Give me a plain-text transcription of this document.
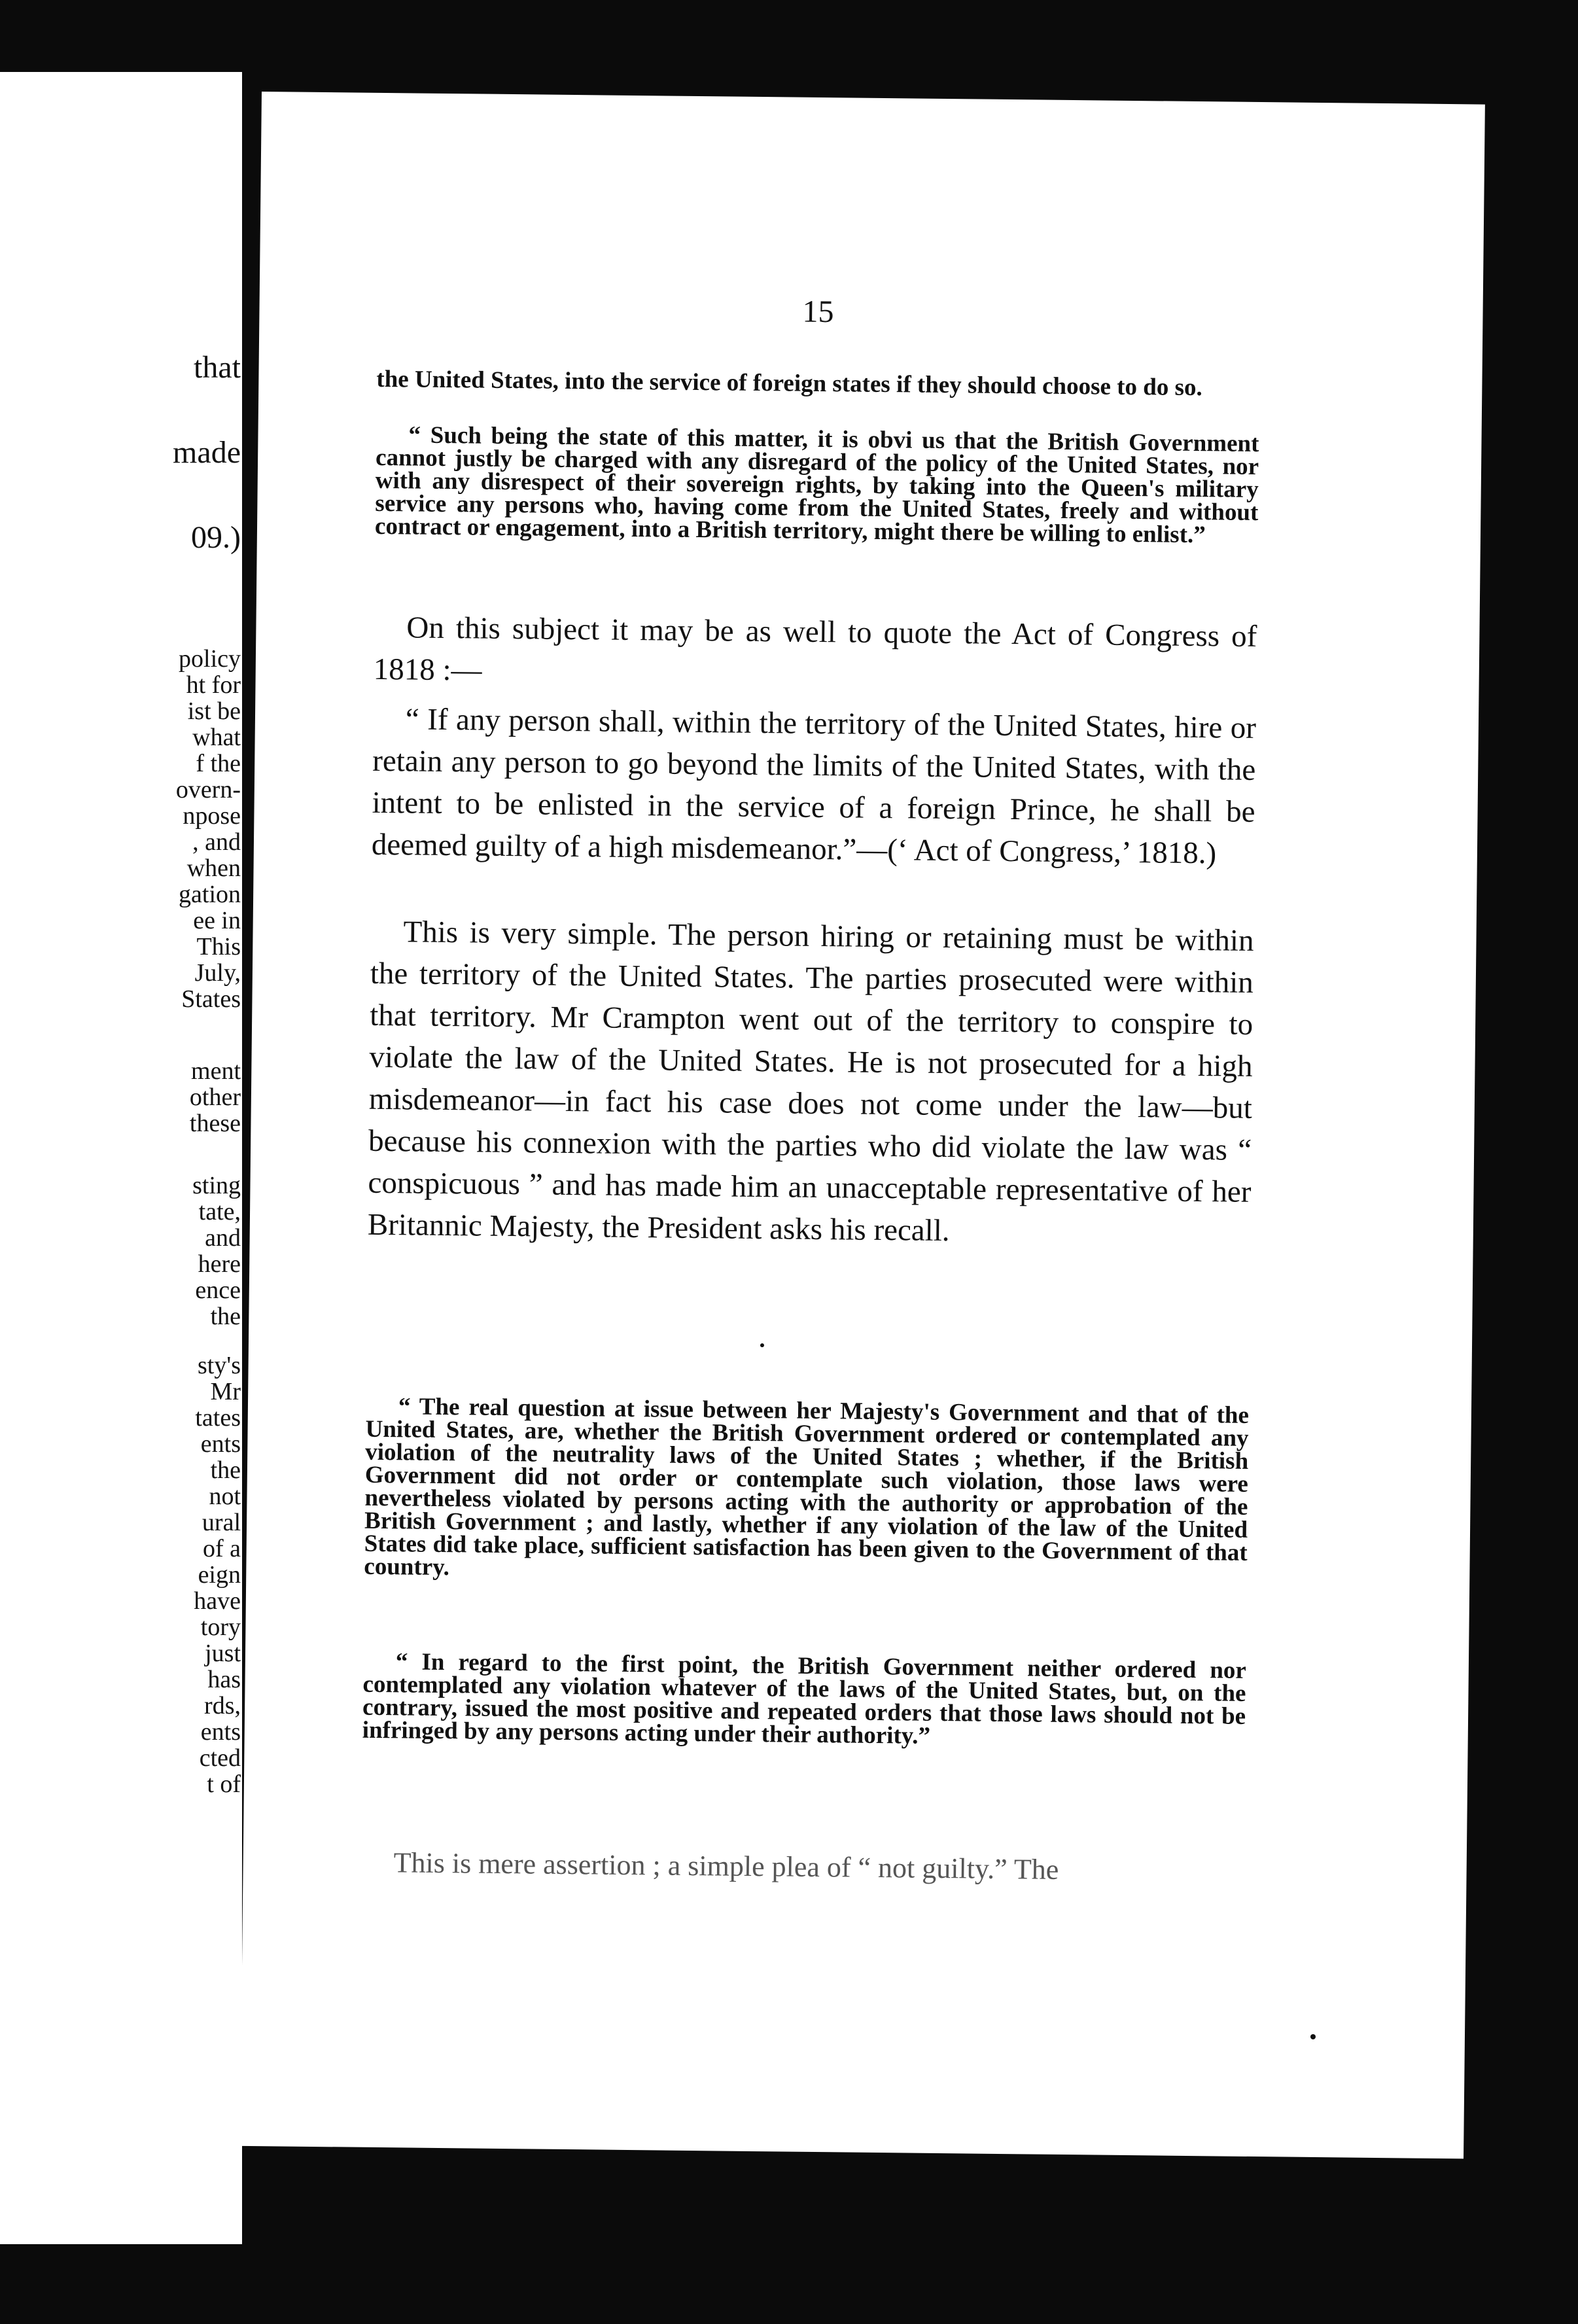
that

made

09.)

policy

ht for

ist be

what

f the

overn-

npose

, and

when

gation

ee in

This

July,

States

ment

other

these

sting

tate,

and

here

ence

the

sty's

Mr

tates

ents

the

not

ural

of a

eign

have

tory

just

has

rds,

ents

cted

t of

15

the United States, into the service of foreign states if they should choose to do so.

“ Such being the state of this matter, it is obvi us that the British Government cannot justly be charged with any disregard of the policy of the United States, nor with any disrespect of their sovereign rights, by taking into the Queen's military service any persons who, having come from the United States, freely and without contract or engagement, into a British territory, might there be willing to enlist.”

On this subject it may be as well to quote the Act of Congress of 1818 :—

“ If any person shall, within the territory of the United States, hire or retain any person to go beyond the limits of the United States, with the intent to be enlisted in the service of a foreign Prince, he shall be deemed guilty of a high misdemeanor.”—(‘ Act of Congress,’ 1818.)

This is very simple. The person hiring or retaining must be within the territory of the United States. The parties prosecuted were within that territory. Mr Crampton went out of the territory to conspire to violate the law of the United States. He is not prosecuted for a high misdemeanor—in fact his case does not come under the law—but because his connexion with the parties who did violate the law was “ conspicuous ” and has made him an unacceptable representative of her Britannic Majesty, the President asks his recall.

“ The real question at issue between her Majesty's Government and that of the United States, are, whether the British Government ordered or contemplated any violation of the neutrality laws of the United States ; whether, if the British Government did not order or contemplate such violation, those laws were nevertheless violated by persons acting with the authority or approbation of the British Government ; and lastly, whether if any violation of the law of the United States did take place, sufficient satisfaction has been given to the Government of that country.

“ In regard to the first point, the British Government neither ordered nor contemplated any violation whatever of the laws of the United States, but, on the contrary, issued the most positive and repeated orders that those laws should not be infringed by any persons acting under their authority.”

This is mere assertion ; a simple plea of “ not guilty.” The
